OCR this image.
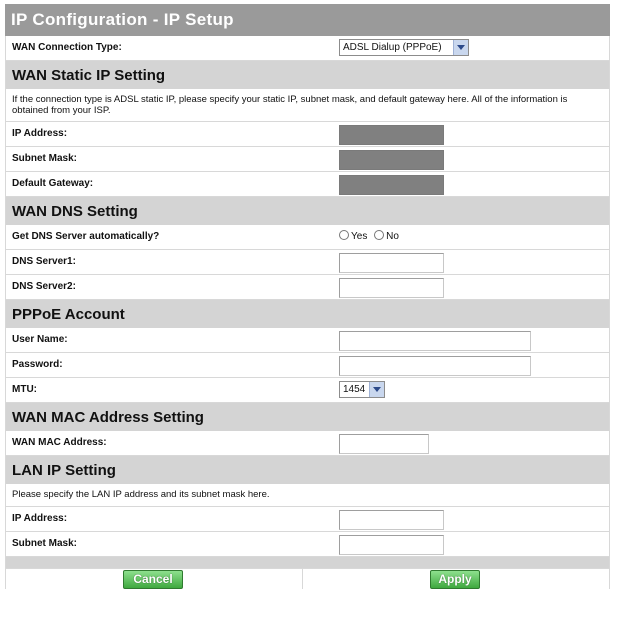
IP Configuration - IP Setup
WAN Connection Type:	ADSL Dialup (PPPoE)
WAN Static IP Setting
If the connection type is ADSL static IP, please specify your static IP, subnet mask, and default gateway here. All of the information is obtained from your ISP.
IP Address:
Subnet Mask:
Default Gateway:
WAN DNS Setting
Get DNS Server automatically?	Yes No
DNS Server1:
DNS Server2:
PPPoE Account
User Name:
Password:
MTU:	1454
WAN MAC Address Setting
WAN MAC Address:
LAN IP Setting
Please specify the LAN IP address and its subnet mask here.
IP Address:
Subnet Mask:
Cancel	Apply
